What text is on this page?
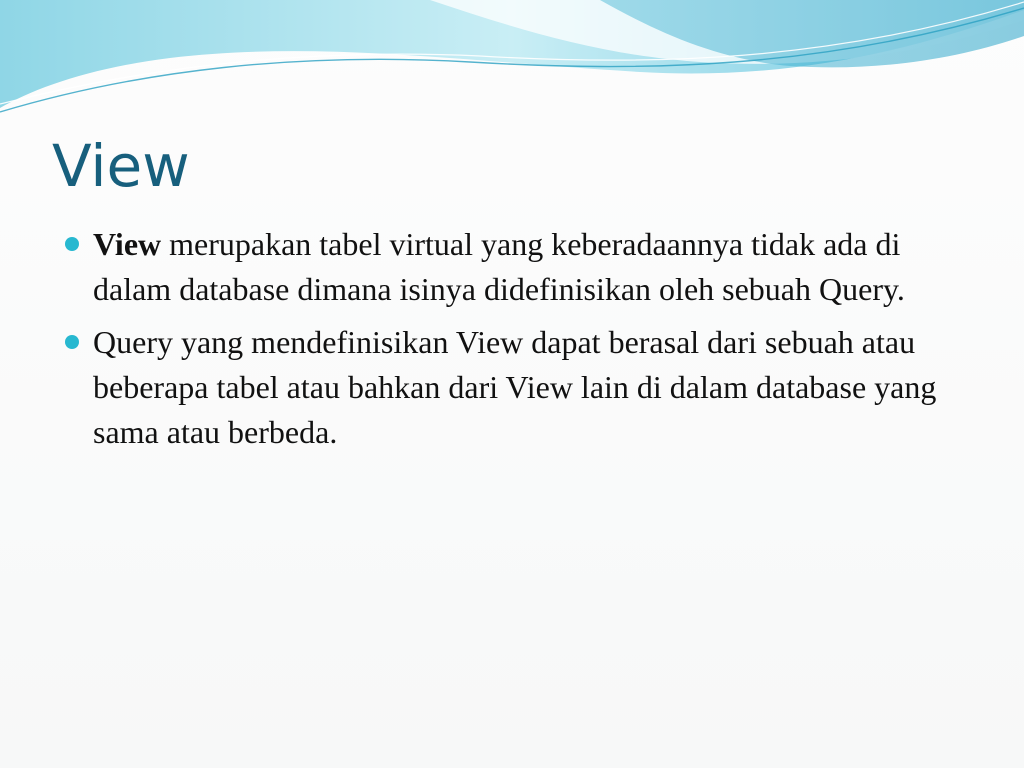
View
View merupakan tabel virtual yang keberadaannya tidak ada di dalam database dimana isinya didefinisikan oleh sebuah Query.
Query yang mendefinisikan View dapat berasal dari sebuah atau beberapa tabel atau bahkan dari View lain di dalam database yang sama atau berbeda.
